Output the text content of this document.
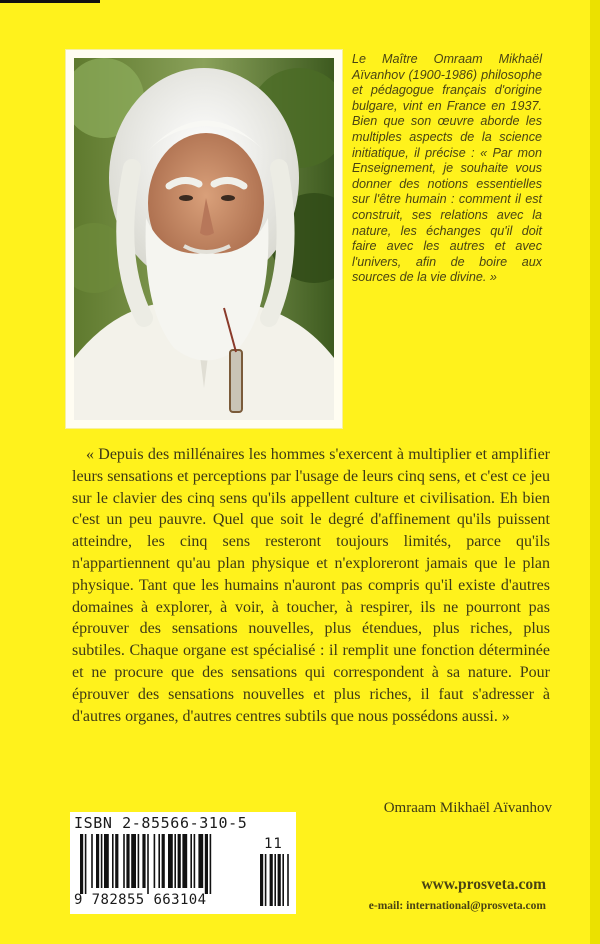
Le Maître Omraam Mikhaël Aïvanhov (1900-1986) philosophe et pédagogue français d'origine bulgare, vint en France en 1937. Bien que son œuvre aborde les multiples aspects de la science initiatique, il précise : « Par mon Enseignement, je souhaite vous donner des notions essentielles sur l'être humain : comment il est construit, ses relations avec la nature, les échanges qu'il doit faire avec les autres et avec l'univers, afin de boire aux sources de la vie divine. »

« Depuis des millénaires les hommes s'exercent à multiplier et amplifier leurs sensations et perceptions par l'usage de leurs cinq sens, et c'est ce jeu sur le clavier des cinq sens qu'ils appellent culture et civilisation. Eh bien c'est un peu pauvre. Quel que soit le degré d'affinement qu'ils puissent atteindre, les cinq sens resteront toujours limités, parce qu'ils n'appartiennent qu'au plan physique et n'exploreront jamais que le plan physique. Tant que les humains n'auront pas compris qu'il existe d'autres domaines à explorer, à voir, à toucher, à respirer, ils ne pourront pas éprouver des sensations nouvelles, plus étendues, plus riches, plus subtiles. Chaque organe est spécialisé : il remplit une fonction déterminée et ne procure que des sensations qui correspondent à sa nature. Pour éprouver des sensations nouvelles et plus riches, il faut s'adresser à d'autres organes, d'autres centres subtils que nous possédons aussi. »

Omraam Mikhaël Aïvanhov
ISBN 2-85566-310-5
11
9 782855 663104
www.prosveta.com
e-mail: international@prosveta.com
